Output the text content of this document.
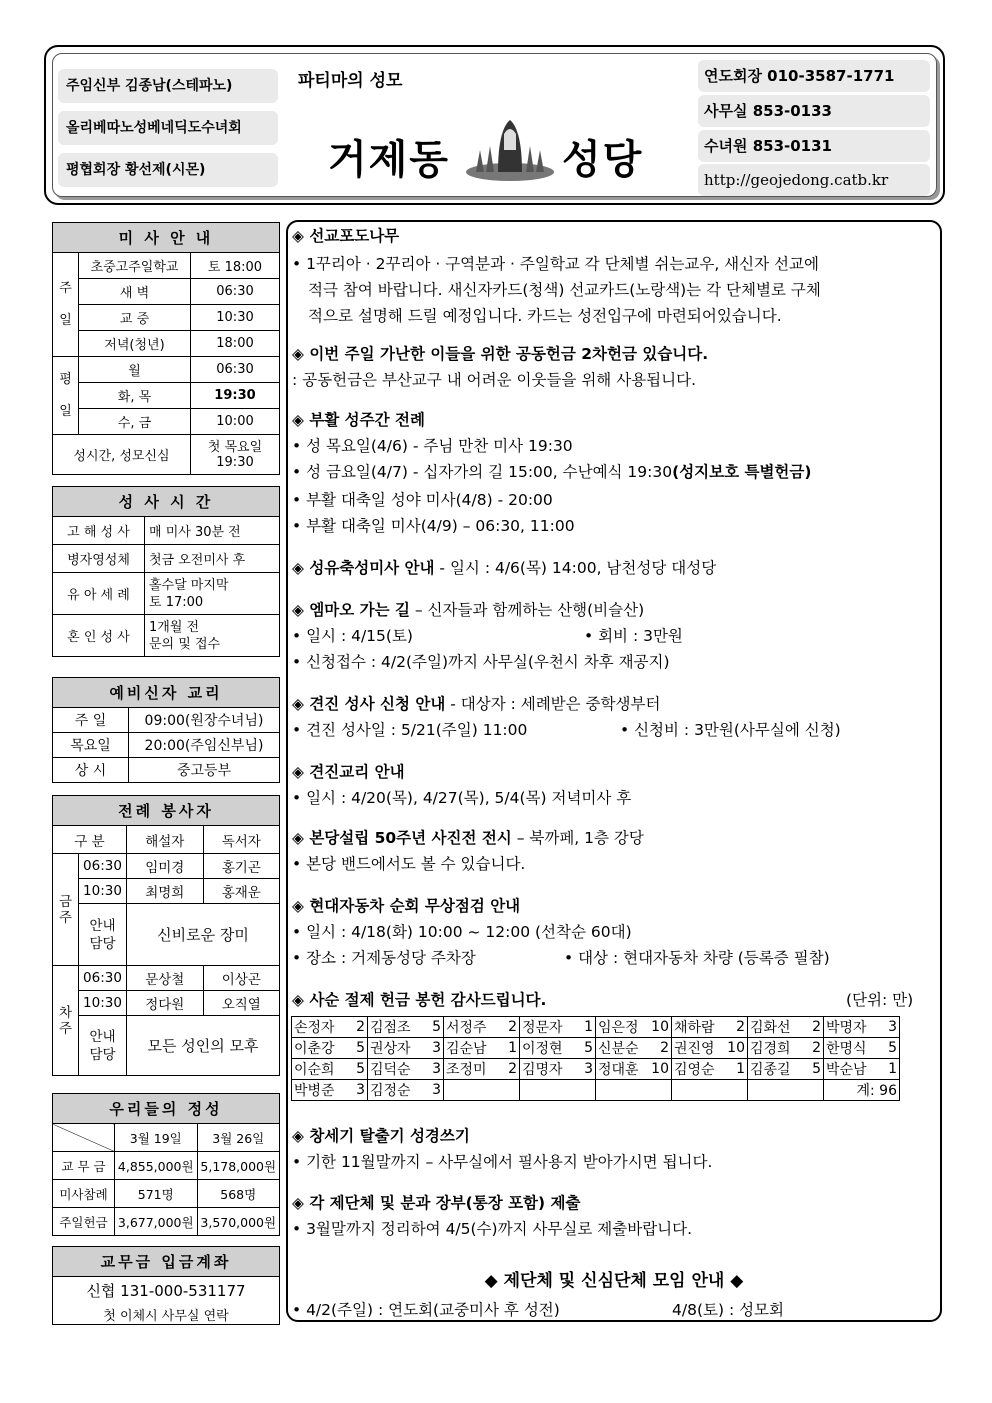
주임신부 김종남(스테파노)
올리베따노성베네딕도수녀회
평협회장 황선제(시몬)
파티마의 성모
거제동	성당
연도회장 010-3587-1771
사무실 853-0133
수녀원 853-0131
http://geojedong.catb.kr
미 사 안 내		
주

일	초중고주일학교	토 18:00
	새 벽	06:30
	교 중	10:30
	저녁(청년)	18:00
평

일	월	06:30
	화, 목	19:30
	수, 금	10:00
성시간, 성모신심		첫 목요일
19:30
성 사 시 간	
고 해 성 사	매 미사 30분 전
병자영성체	첫금 오전미사 후
유 아 세 례	홀수달 마지막
토 17:00
혼 인 성 사	1개월 전
문의 및 접수
예비신자 교리	
주 일	09:00(원장수녀님)
목요일	20:00(주임신부님)
상 시	중고등부
전례 봉사자			
구 분		해설자	독서자
금
주	06:30	임미경	홍기곤
	10:30	최명희	홍재운
	안내
담당	신비로운 장미	
차
주	06:30	문상철	이상곤
	10:30	정다원	오직열
	안내
담당	모든 성인의 모후	
우리들의 정성		
	3월 19일	3월 26일
교 무 금	4,855,000원	5,178,000원
미사참례	571명	568명
주일헌금	3,677,000원	3,570,000원
교무금 입금계좌
신협 131-000-531177
첫 이체시 사무실 연락
◈ 선교포도나무
• 1꾸리아 · 2꾸리아 · 구역분과 · 주일학교 각 단체별 쉬는교우, 새신자 선교에
적극 참여 바랍니다. 새신자카드(청색) 선교카드(노랑색)는 각 단체별로 구체
적으로 설명해 드릴 예정입니다. 카드는 성전입구에 마련되어있습니다.
◈ 이번 주일 가난한 이들을 위한 공동헌금 2차헌금 있습니다.
: 공동헌금은 부산교구 내 어려운 이웃들을 위해 사용됩니다.
◈ 부활 성주간 전례
• 성 목요일(4/6) - 주님 만찬 미사 19:30
• 성 금요일(4/7) - 십자가의 길 15:00, 수난예식 19:30(성지보호 특별헌금)
• 부활 대축일 성야 미사(4/8) - 20:00
• 부활 대축일 미사(4/9) – 06:30, 11:00
◈ 성유축성미사 안내 - 일시 : 4/6(목) 14:00, 남천성당 대성당
◈ 엠마오 가는 길 – 신자들과 함께하는 산행(비슬산)
• 일시 : 4/15(토)	• 회비 : 3만원
• 신청접수 : 4/2(주일)까지 사무실(우천시 차후 재공지)
◈ 견진 성사 신청 안내 - 대상자 : 세례받은 중학생부터
• 견진 성사일 : 5/21(주일) 11:00	• 신청비 : 3만원(사무실에 신청)
◈ 견진교리 안내
• 일시 : 4/20(목), 4/27(목), 5/4(목) 저녁미사 후
◈ 본당설립 50주년 사진전 전시 – 북까페, 1층 강당
• 본당 밴드에서도 볼 수 있습니다.
◈ 현대자동차 순회 무상점검 안내
• 일시 : 4/18(화) 10:00 ~ 12:00 (선착순 60대)
• 장소 : 거제동성당 주차장	• 대상 : 현대자동차 차량 (등록증 필참)
◈ 사순 절제 헌금 봉헌 감사드립니다.	(단위: 만)
손정자	2	김점조	5	서정주	2	정문자	1	임은정	10	채하람	2	김화선	2	박명자	3
이춘강	5	권상자	3	김순남	1	이정현	5	신분순	2	권진영	10	김경희	2	한명식	5
이순희	5	김덕순	3	조정미	2	김명자	3	정대훈	10	김영순	1	김종길	5	박순남	1
박병준	3	김정순	3											계: 96	
◈ 창세기 탈출기 성경쓰기
• 기한 11월말까지 – 사무실에서 필사용지 받아가시면 됩니다.
◈ 각 제단체 및 분과 장부(통장 포함) 제출
• 3월말까지 정리하여 4/5(수)까지 사무실로 제출바랍니다.
◆ 제단체 및 신심단체 모임 안내 ◆
• 4/2(주일) : 연도회(교중미사 후 성전)	4/8(토) : 성모회
